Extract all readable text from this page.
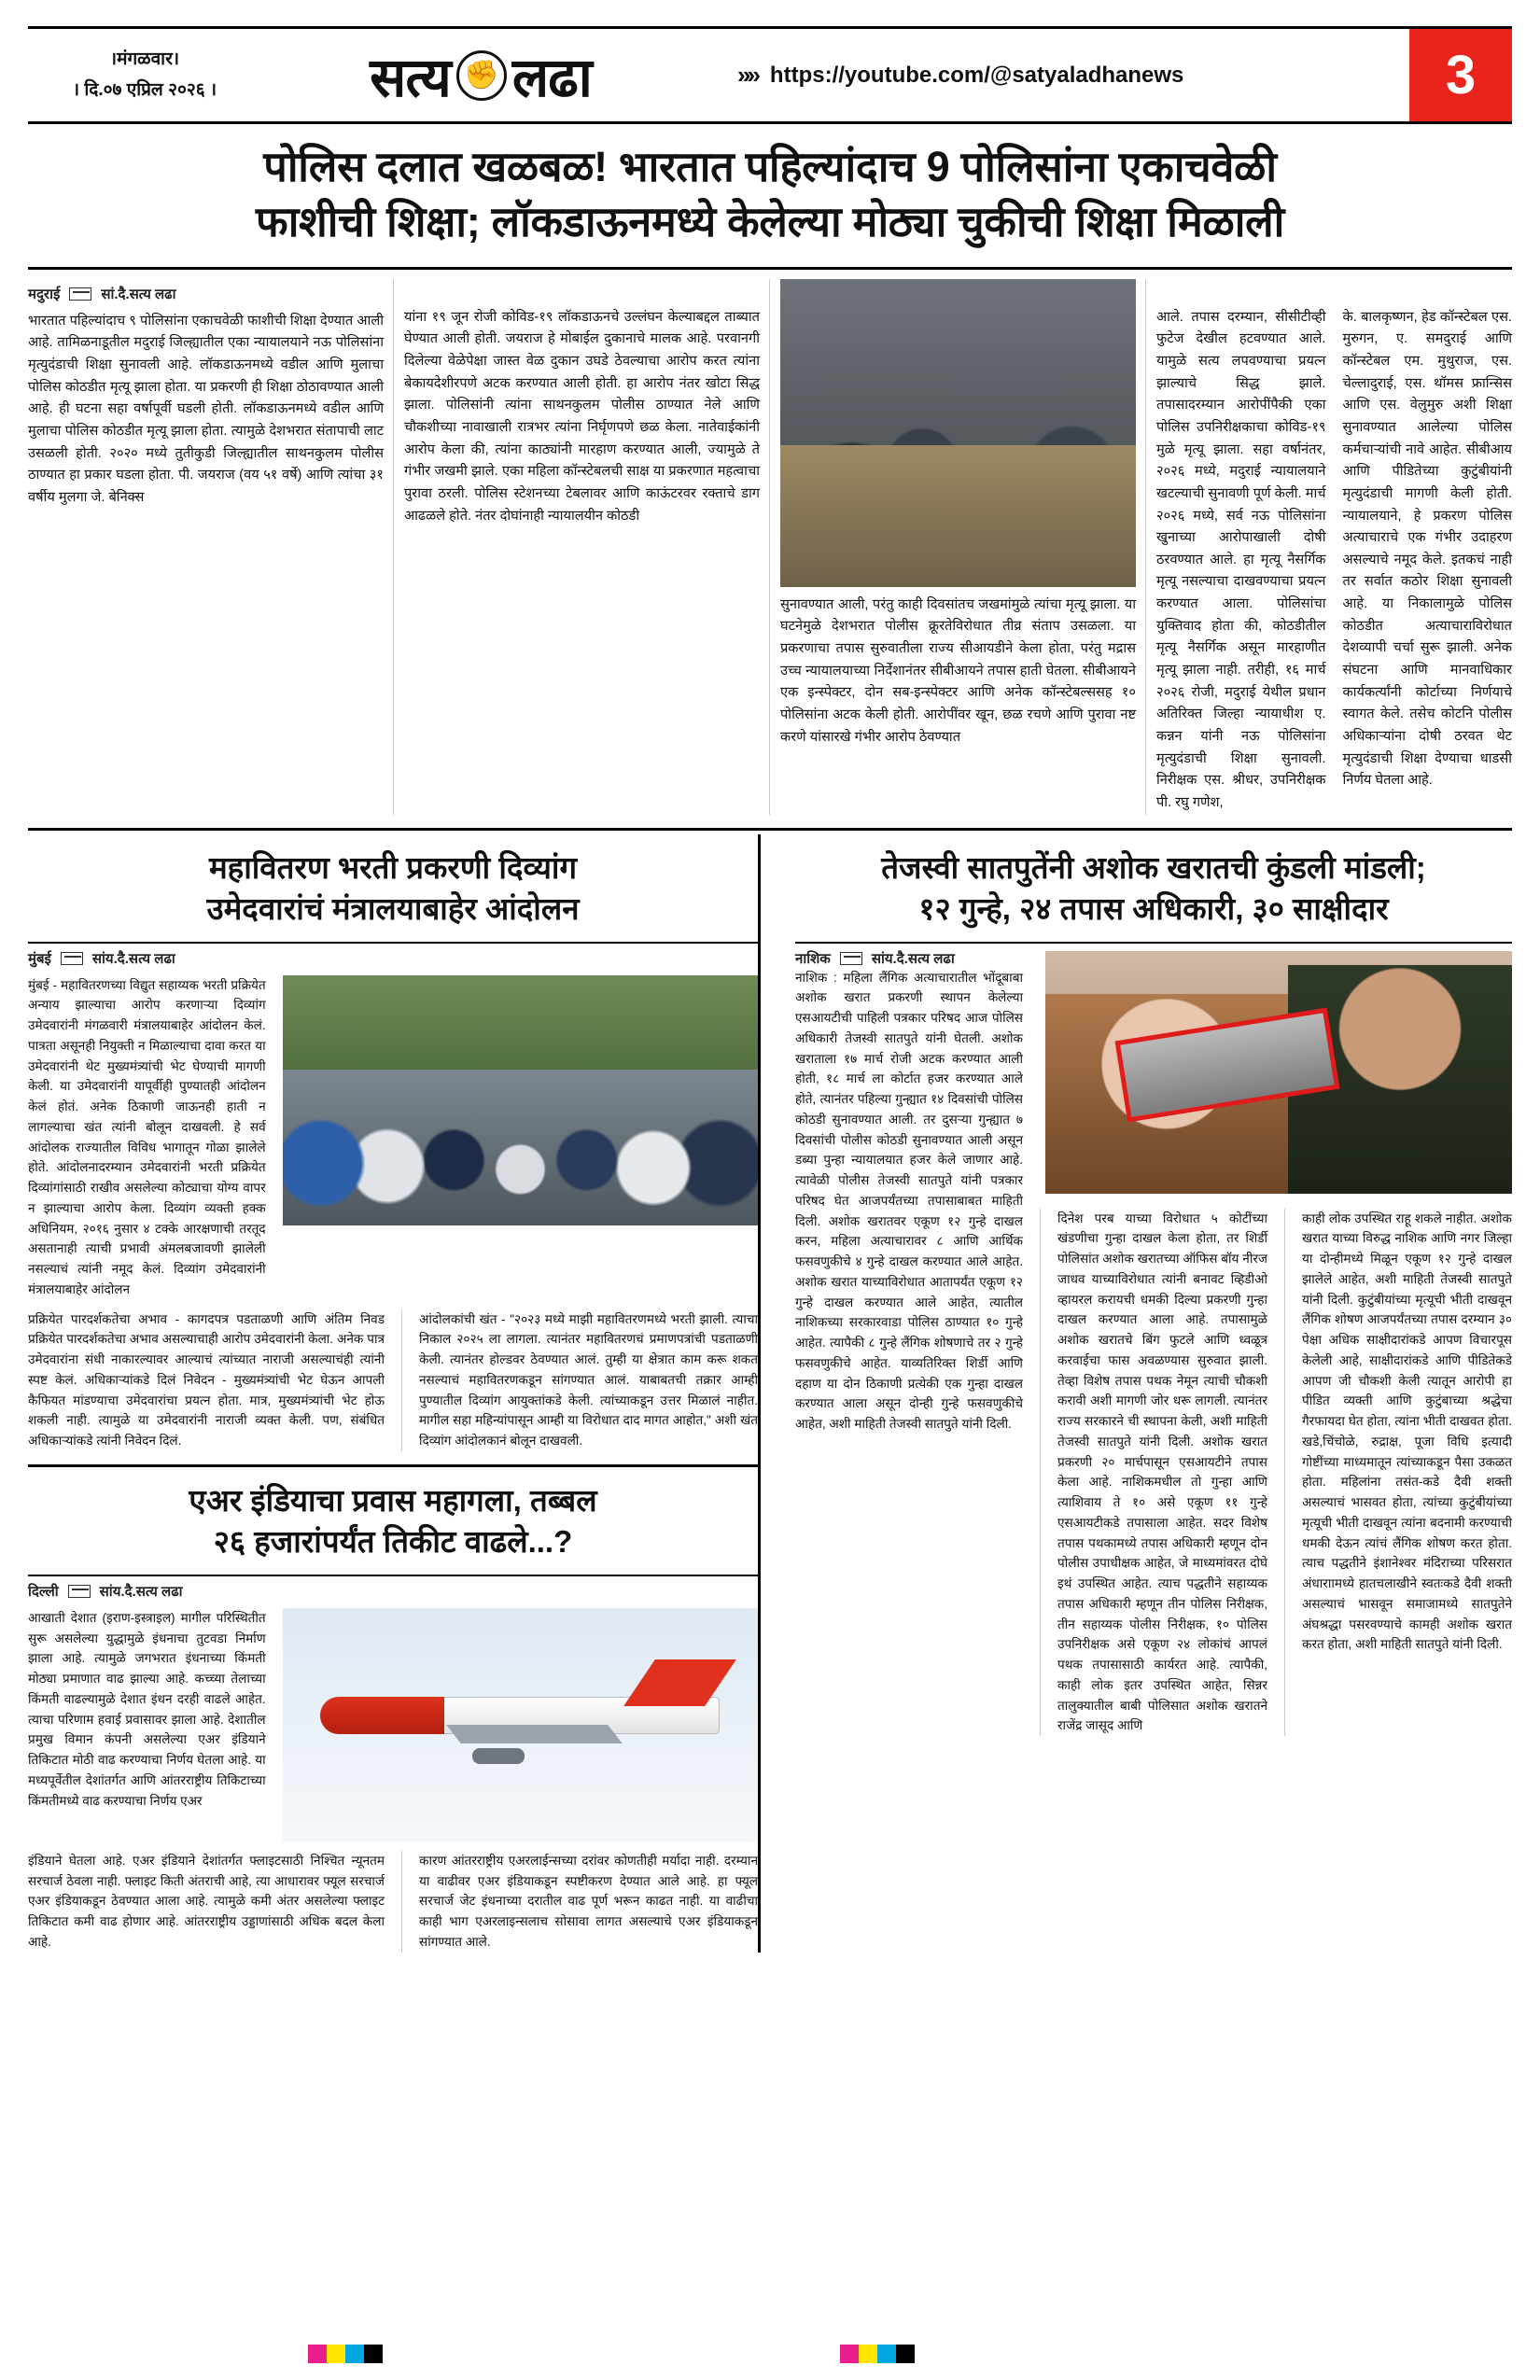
।मंगळवार।
। दि.०७ एप्रिल २०२६ ।	सत्य ✊ लढा	»» https://youtube.com/@satyaladhanews	3
पोलिस दलात खळबळ! भारतात पहिल्यांदाच 9 पोलिसांना एकाचवेळी
फाशीची शिक्षा; लॉकडाऊनमध्ये केलेल्या मोठ्या चुकीची शिक्षा मिळाली
मदुराई	सां.दै.सत्य लढा
भारतात पहिल्यांदाच ९ पोलिसांना एकाचवेळी फाशीची शिक्षा देण्यात आली आहे. तामिळनाडूतील मदुराई जिल्ह्यातील एका न्यायालयाने नऊ पोलिसांना मृत्युदंडाची शिक्षा सुनावली आहे. लॉकडाऊनमध्ये वडील आणि मुलाचा पोलिस कोठडीत मृत्यू झाला होता. या प्रकरणी ही शिक्षा ठोठावण्यात आली आहे. ही घटना सहा वर्षापूर्वी घडली होती. लॉकडाऊनमध्ये वडील आणि मुलाचा पोलिस कोठडीत मृत्यू झाला होता. त्यामुळे देशभरात संतापाची लाट उसळली होती. २०२० मध्ये तुतीकुडी जिल्ह्यातील साथनकुलम पोलीस ठाण्यात हा प्रकार घडला होता. पी. जयराज (वय ५१ वर्षे) आणि त्यांचा ३१ वर्षीय मुलगा जे. बेनिक्स
यांना १९ जून रोजी कोविड-१९ लॉकडाऊनचे उल्लंघन केल्याबद्दल ताब्यात घेण्यात आली होती. जयराज हे मोबाईल दुकानाचे मालक आहे. परवानगी दिलेल्या वेळेपेक्षा जास्त वेळ दुकान उघडे ठेवल्याचा आरोप करत त्यांना बेकायदेशीरपणे अटक करण्यात आली होती. हा आरोप नंतर खोटा सिद्ध झाला. पोलिसांनी त्यांना साथनकुलम पोलीस ठाण्यात नेले आणि चौकशीच्या नावाखाली रात्रभर त्यांना निर्घृणपणे छळ केला. नातेवाईकांनी आरोप केला की, त्यांना काठ्यांनी मारहाण करण्यात आली, ज्यामुळे ते गंभीर जखमी झाले. एका महिला कॉन्स्टेबलची साक्ष या प्रकरणात महत्वाचा पुरावा ठरली. पोलिस स्टेशनच्या टेबलावर आणि काऊंटरवर रक्ताचे डाग आढळले होते. नंतर दोघांनाही न्यायालयीन कोठडी
सुनावण्यात आली, परंतु काही दिवसांतच जखमांमुळे त्यांचा मृत्यू झाला. या घटनेमुळे देशभरात पोलीस क्रूरतेविरोधात तीव्र संताप उसळला. या प्रकरणाचा तपास सुरुवातीला राज्य सीआयडीने केला होता, परंतु मद्रास उच्च न्यायालयाच्या निर्देशानंतर सीबीआयने तपास हाती घेतला. सीबीआयने एक इन्स्पेक्टर, दोन सब-इन्स्पेक्टर आणि अनेक कॉन्स्टेबल्ससह १० पोलिसांना अटक केली होती. आरोपींवर खून, छळ रचणे आणि पुरावा नष्ट करणे यांसारखे गंभीर आरोप ठेवण्यात
आले. तपास दरम्यान, सीसीटीव्ही फुटेज देखील हटवण्यात आले. यामुळे सत्य लपवण्याचा प्रयत्न झाल्याचे सिद्ध झाले. तपासादरम्यान आरोपींपैकी एका पोलिस उपनिरीक्षकाचा कोविड-१९ मुळे मृत्यू झाला. सहा वर्षानंतर, २०२६ मध्ये, मदुराई न्यायालयाने खटल्याची सुनावणी पूर्ण केली. मार्च २०२६ मध्ये, सर्व नऊ पोलिसांना खुनाच्या आरोपाखाली दोषी ठरवण्यात आले. हा मृत्यू नैसर्गिक मृत्यू नसल्याचा दाखवण्याचा प्रयत्न करण्यात आला. पोलिसांचा युक्तिवाद होता की, कोठडीतील मृत्यू नैसर्गिक असून मारहाणीत मृत्यू झाला नाही. तरीही, १६ मार्च २०२६ रोजी, मदुराई येथील प्रधान अतिरिक्त जिल्हा न्यायाधीश ए. कन्नन यांनी नऊ पोलिसांना मृत्युदंडाची शिक्षा सुनावली. निरीक्षक एस. श्रीधर, उपनिरीक्षक पी. रघु गणेश,
के. बालकृष्णन, हेड कॉन्स्टेबल एस. मुरुगन, ए. समदुराई आणि कॉन्स्टेबल एम. मुथुराज, एस. चेल्लादुराई, एस. थॉमस फ्रान्सिस आणि एस. वेलुमुरु अशी शिक्षा सुनावण्यात आलेल्या पोलिस कर्मचाऱ्यांची नावे आहेत. सीबीआय आणि पीडितेच्या कुटुंबीयांनी मृत्युदंडाची मागणी केली होती. न्यायालयाने, हे प्रकरण पोलिस अत्याचाराचे एक गंभीर उदाहरण असल्याचे नमूद केले. इतकचं नाही तर सर्वात कठोर शिक्षा सुनावली आहे. या निकालामुळे पोलिस कोठडीत अत्याचाराविरोधात देशव्यापी चर्चा सुरू झाली. अनेक संघटना आणि मानवाधिकार कार्यकर्त्यांनी कोर्टाच्या निर्णयाचे स्वागत केले. तसेच कोटनि पोलीस अधिकाऱ्यांना दोषी ठरवत थेट मृत्युदंडाची शिक्षा देण्याचा धाडसी निर्णय घेतला आहे.
महावितरण भरती प्रकरणी दिव्यांग
उमेदवारांचं मंत्रालयाबाहेर आंदोलन
मुंबई	सांय.दै.सत्य लढा
मुंबई - महावितरणच्या विद्युत सहाय्यक भरती प्रक्रियेत अन्याय झाल्याचा आरोप करणाऱ्या दिव्यांग उमेदवारांनी मंगळवारी मंत्रालयाबाहेर आंदोलन केलं. पात्रता असूनही नियुक्ती न मिळाल्याचा दावा करत या उमेदवारांनी थेट मुख्यमंत्र्यांची भेट घेण्याची मागणी केली. या उमेदवारांनी यापूर्वीही पुण्यातही आंदोलन केलं होतं. अनेक ठिकाणी जाऊनही हाती न लागल्याचा खंत त्यांनी बोलून दाखवली. हे सर्व आंदोलक राज्यातील विविध भागातून गोळा झालेले होते. आंदोलनादरम्यान उमेदवारांनी भरती प्रक्रियेत दिव्यांगांसाठी राखीव असलेल्या कोट्याचा योग्य वापर न झाल्याचा आरोप केला. दिव्यांग व्यक्ती हक्क अधिनियम, २०१६ नुसार ४ टक्के आरक्षणाची तरतूद असतानाही त्याची प्रभावी अंमलबजावणी झालेली नसल्याचं त्यांनी नमूद केलं. दिव्यांग उमेदवारांनी मंत्रालयाबाहेर आंदोलन
प्रक्रियेत पारदर्शकतेचा अभाव - कागदपत्र पडताळणी आणि अंतिम निवड प्रक्रियेत पारदर्शकतेचा अभाव असल्याचाही आरोप उमेदवारांनी केला. अनेक पात्र उमेदवारांना संधी नाकारल्यावर आल्याचं त्यांच्यात नाराजी असल्याचंही त्यांनी स्पष्ट केलं. अधिकाऱ्यांकडे दिलं निवेदन - मुख्यमंत्र्यांची भेट घेऊन आपली कैफियत मांडण्याचा उमेदवारांचा प्रयत्न होता. मात्र, मुख्यमंत्र्यांची भेट होऊ शकली नाही. त्यामुळे या उमेदवारांनी नाराजी व्यक्त केली. पण, संबंधित अधिकाऱ्यांकडे त्यांनी निवेदन दिलं.
आंदोलकांची खंत - "२०२३ मध्ये माझी महावितरणमध्ये भरती झाली. त्याचा निकाल २०२५ ला लागला. त्यानंतर महावितरणचं प्रमाणपत्रांची पडताळणी केली. त्यानंतर होल्डवर ठेवण्यात आलं. तुम्ही या क्षेत्रात काम करू शकत नसल्याचं महावितरणकडून सांगण्यात आलं. याबाबतची तक्रार आम्ही पुण्यातील दिव्यांग आयुक्तांकडे केली. त्यांच्याकडून उत्तर मिळालं नाहीत. मागील सहा महिन्यांपासून आम्ही या विरोधात दाद मागत आहोत," अशी खंत दिव्यांग आंदोलकानं बोलून दाखवली.
एअर इंडियाचा प्रवास महागला, तब्बल
२६ हजारांपर्यंत तिकीट वाढले...?
दिल्ली	सांय.दै.सत्य लढा
आखाती देशात (इराण-इस्त्राइल) मागील परिस्थितीत सुरू असलेल्या युद्धामुळे इंधनाचा तुटवडा निर्माण झाला आहे. त्यामुळे जगभरात इंधनाच्या किंमती मोठ्या प्रमाणात वाढ झाल्या आहे. कच्च्या तेलाच्या किंमती वाढल्यामुळे देशात इंधन दरही वाढले आहेत. त्याचा परिणाम हवाई प्रवासावर झाला आहे. देशातील प्रमुख विमान कंपनी असलेल्या एअर इंडियाने तिकिटात मोठी वाढ करण्याचा निर्णय घेतला आहे. या मध्यपूर्वेतील देशांतर्गत आणि आंतरराष्ट्रीय तिकिटाच्या किंमतीमध्ये वाढ करण्याचा निर्णय एअर
इंडियाने घेतला आहे. एअर इंडियाने देशांतर्गत फ्लाइटसाठी निश्चित न्यूनतम सरचार्ज ठेवला नाही. फ्लाइट किती अंतराची आहे, त्या आधारावर फ्यूल सरचार्ज एअर इंडियाकडून ठेवण्यात आला आहे. त्यामुळे कमी अंतर असलेल्या फ्लाइट तिकिटात कमी वाढ होणार आहे. आंतरराष्ट्रीय उड्डाणांसाठी अधिक बदल केला आहे.
कारण आंतरराष्ट्रीय एअरलाईन्सच्या दरांवर कोणतीही मर्यादा नाही. दरम्यान या वाढीवर एअर इंडियाकडून स्पष्टीकरण देण्यात आले आहे. हा फ्यूल सरचार्ज जेट इंधनाच्या दरातील वाढ पूर्ण भरून काढत नाही. या वाढीचा काही भाग एअरलाइन्सलाच सोसावा लागत असल्याचे एअर इंडियाकडून सांगण्यात आले.
तेजस्वी सातपुतेंनी अशोक खरातची कुंडली मांडली;
१२ गुन्हे, २४ तपास अधिकारी, ३० साक्षीदार
नाशिक	सांय.दै.सत्य लढा
नाशिक : महिला लैंगिक अत्याचारातील भोंदूबाबा अशोक खरात प्रकरणी स्थापन केलेल्या एसआयटीची पाहिली पत्रकार परिषद आज पोलिस अधिकारी तेजस्वी सातपुते यांनी घेतली. अशोक खराताला १७ मार्च रोजी अटक करण्यात आली होती, १८ मार्च ला कोर्टात हजर करण्यात आले होते, त्यानंतर पहिल्या गुन्ह्यात १४ दिवसांची पोलिस कोठडी सुनावण्यात आली. तर दुसऱ्या गुन्ह्यात ७ दिवसांची पोलीस कोठडी सुनावण्यात आली असून डब्या पुन्हा न्यायालयात हजर केले जाणार आहे. त्यावेळी पोलीस तेजस्वी सातपुते यांनी पत्रकार परिषद घेत आजपर्यंतच्या तपासाबाबत माहिती दिली. अशोक खरातवर एकूण १२ गुन्हे दाखल करन, महिला अत्याचारावर ८ आणि आर्थिक फसवणुकीचे ४ गुन्हे दाखल करण्यात आले आहेत. अशोक खरात याच्याविरोधात आतापर्यंत एकूण १२ गुन्हे दाखल करण्यात आले आहेत, त्यातील नाशिकच्या सरकारवाडा पोलिस ठाण्यात १० गुन्हे आहेत. त्यापैकी ८ गुन्हे लैंगिक शोषणाचे तर २ गुन्हे फसवणुकीचे आहेत. याव्यतिरिक्त शिर्डी आणि दहाण या दोन ठिकाणी प्रत्येकी एक गुन्हा दाखल करण्यात आला असून दोन्ही गुन्हे फसवणुकीचे आहेत, अशी माहिती तेजस्वी सातपुते यांनी दिली.
दिनेश परब याच्या विरोधात ५ कोटींच्या खंडणीचा गुन्हा दाखल केला होता, तर शिर्डी पोलिसांत अशोक खरातच्या ऑफिस बॉय नीरज जाधव याच्याविरोधात त्यांनी बनावट व्हिडीओ व्हायरल करायची धमकी दिल्या प्रकरणी गुन्हा दाखल करण्यात आला आहे. तपासामुळे अशोक खरातचे बिंग फुटले आणि ध्वळूत्र करवाईचा फास अवळण्यास सुरुवात झाली. तेव्हा विशेष तपास पथक नेमून त्याची चौकशी करावी अशी मागणी जोर धरू लागली. त्यानंतर राज्य सरकारने ची स्थापना केली, अशी माहिती तेजस्वी सातपुते यांनी दिली. अशोक खरात प्रकरणी २० मार्चपासून एसआयटीने तपास केला आहे. नाशिकमधील तो गुन्हा आणि त्याशिवाय ते १० असे एकूण ११ गुन्हे एसआयटीकडे तपासाला आहेत. सदर विशेष तपास पथकामध्ये तपास अधिकारी म्हणून दोन पोलीस उपाधीक्षक आहेत, जे माध्यमांवरत दोघे इथं उपस्थित आहेत. त्याच पद्धतीने सहाय्यक तपास अधिकारी म्हणून तीन पोलिस निरीक्षक, तीन सहाय्यक पोलीस निरीक्षक, १० पोलिस उपनिरीक्षक असे एकूण २४ लोकांचं आपलं पथक तपासासाठी कार्यरत आहे. त्यापैकी, काही लोक इतर उपस्थित आहेत, सिन्नर तालुक्यातील बाबी पोलिसात अशोक खरातने राजेंद्र जासूद आणि
काही लोक उपस्थित राहू शकले नाहीत. अशोक खरात याच्या विरुद्ध नाशिक आणि नगर जिल्हा या दोन्हीमध्ये मिळून एकूण १२ गुन्हे दाखल झालेले आहेत, अशी माहिती तेजस्वी सातपुते यांनी दिली. कुटुंबीयांच्या मृत्यूची भीती दाखवून लैंगिक शोषण आजपर्यंतच्या तपास दरम्यान ३० पेक्षा अधिक साक्षीदारांकडे आपण विचारपूस केलेली आहे, साक्षीदारांकडे आणि पीडितेकडे आपण जी चौकशी केली त्यातून आरोपी हा पीडित व्यक्ती आणि कुटुंबाच्या श्रद्धेचा गैरफायदा घेत होता, त्यांना भीती दाखवत होता. खडे,चिंचोळे, रुद्राक्ष, पूजा विधि इत्यादी गोष्टींच्या माध्यमातून त्यांच्याकडून पैसा उकळत होता. महिलांना तसंत-कडे दैवी शक्ती असल्याचं भासवत होता, त्यांच्या कुटुंबीयांच्या मृत्यूची भीती दाखवून त्यांना बदनामी करण्याची धमकी देऊन त्यांचं लैंगिक शोषण करत होता. त्याच पद्धतीने इंशानेश्वर मंदिराच्या परिसरात अंधाराामध्ये हातचलाखीने स्वतःकडे दैवी शक्ती असल्याचं भासवून समाजामध्ये सातपुतेने अंघश्रद्धा पसरवण्याचे कामही अशोक खरात करत होता, अशी माहिती सातपुते यांनी दिली.
